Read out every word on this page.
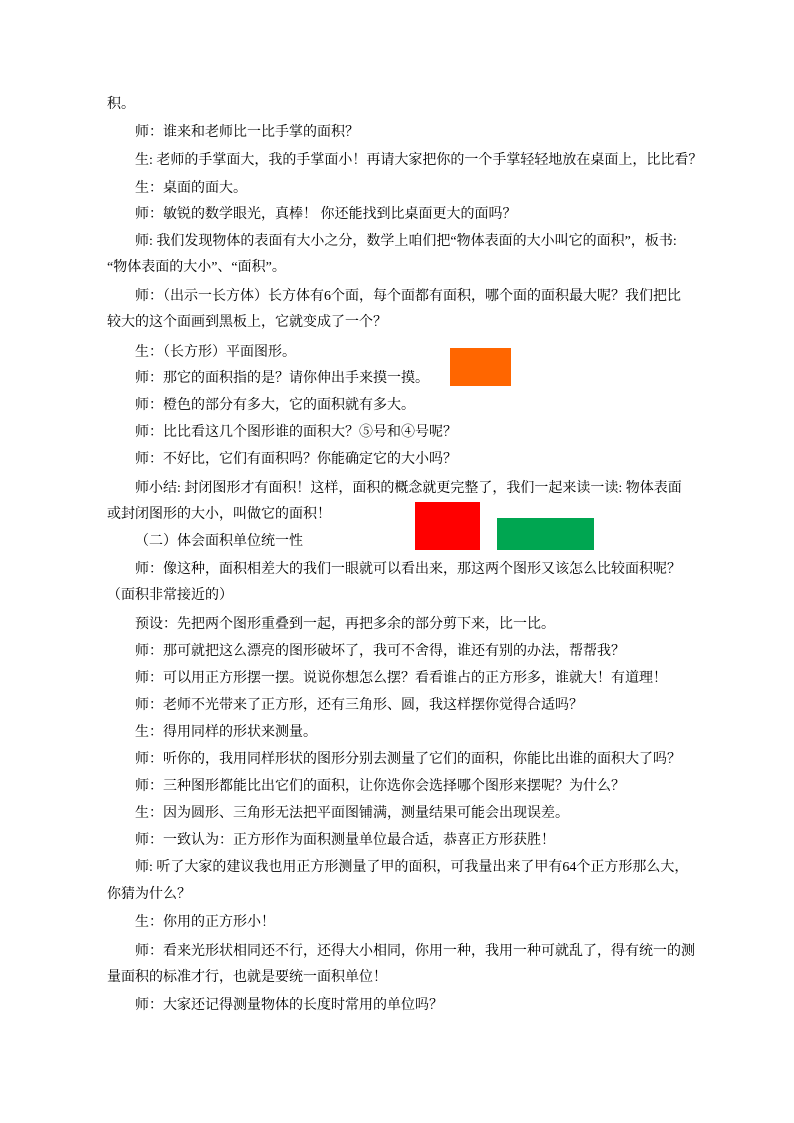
积。
师：谁来和老师比一比手掌的面积？
生: 老师的手掌面大，我的手掌面小！再请大家把你的一个手掌轻轻地放在桌面上，比比看？
生：桌面的面大。
师：敏锐的数学眼光，真棒！ 你还能找到比桌面更大的面吗？
师: 我们发现物体的表面有大小之分，数学上咱们把“物体表面的大小叫它的面积”，板书:
“物体表面的大小”、“面积”。
师：（出示一长方体）长方体有6个面，每个面都有面积，哪个面的面积最大呢？我们把比
较大的这个面画到黑板上，它就变成了一个？
生：（长方形）平面图形。
师：那它的面积指的是？请你伸出手来摸一摸。
师：橙色的部分有多大，它的面积就有多大。
师：比比看这几个图形谁的面积大？⑤号和④号呢？
师：不好比，它们有面积吗？你能确定它的大小吗？
师小结: 封闭图形才有面积！这样，面积的概念就更完整了，我们一起来读一读: 物体表面
或封闭图形的大小，叫做它的面积！
（二）体会面积单位统一性
师：像这种，面积相差大的我们一眼就可以看出来，那这两个图形又该怎么比较面积呢？
（面积非常接近的）
预设：先把两个图形重叠到一起，再把多余的部分剪下来，比一比。
师：那可就把这么漂亮的图形破坏了，我可不舍得，谁还有别的办法，帮帮我？
师：可以用正方形摆一摆。说说你想怎么摆？看看谁占的正方形多，谁就大！有道理！
师：老师不光带来了正方形，还有三角形、圆，我这样摆你觉得合适吗？
生：得用同样的形状来测量。
师：听你的，我用同样形状的图形分别去测量了它们的面积，你能比出谁的面积大了吗？
师：三种图形都能比出它们的面积，让你选你会选择哪个图形来摆呢？为什么？
生：因为圆形、三角形无法把平面图铺满，测量结果可能会出现误差。
师：一致认为：正方形作为面积测量单位最合适，恭喜正方形获胜！
师: 听了大家的建议我也用正方形测量了甲的面积，可我量出来了甲有64个正方形那么大，
你猜为什么？
生：你用的正方形小！
师：看来光形状相同还不行，还得大小相同，你用一种，我用一种可就乱了，得有统一的测
量面积的标准才行，也就是要统一面积单位！
师：大家还记得测量物体的长度时常用的单位吗？
